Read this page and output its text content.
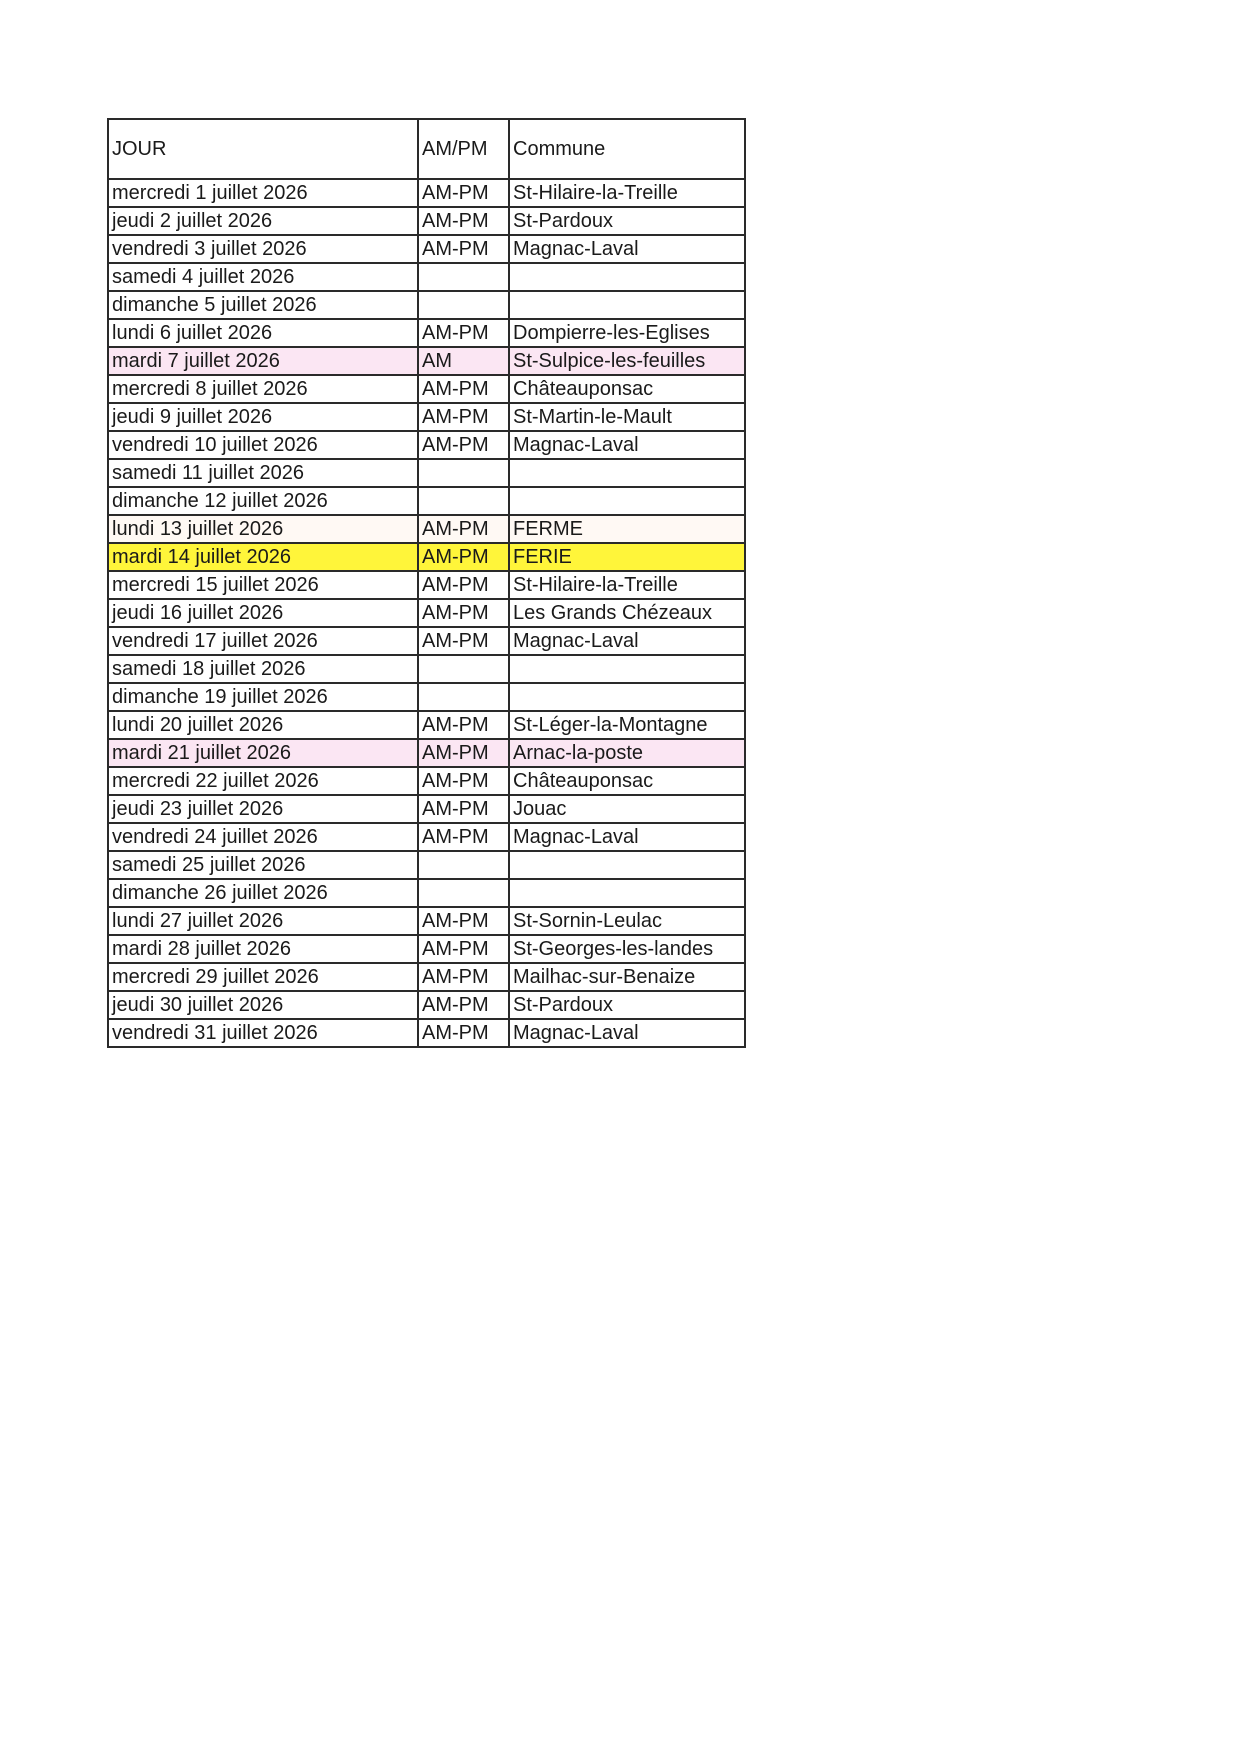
JOUR	AM/PM	Commune
mercredi 1 juillet 2026	AM-PM	St-Hilaire-la-Treille
jeudi 2 juillet 2026	AM-PM	St-Pardoux
vendredi 3 juillet 2026	AM-PM	Magnac-Laval
samedi 4 juillet 2026		
dimanche 5 juillet 2026		
lundi 6 juillet 2026	AM-PM	Dompierre-les-Eglises
mardi 7 juillet 2026	AM	St-Sulpice-les-feuilles
mercredi 8 juillet 2026	AM-PM	Châteauponsac
jeudi 9 juillet 2026	AM-PM	St-Martin-le-Mault
vendredi 10 juillet 2026	AM-PM	Magnac-Laval
samedi 11 juillet 2026		
dimanche 12 juillet 2026		
lundi 13 juillet 2026	AM-PM	FERME
mardi 14 juillet 2026	AM-PM	FERIE
mercredi 15 juillet 2026	AM-PM	St-Hilaire-la-Treille
jeudi 16 juillet 2026	AM-PM	Les Grands Chézeaux
vendredi 17 juillet 2026	AM-PM	Magnac-Laval
samedi 18 juillet 2026		
dimanche 19 juillet 2026		
lundi 20 juillet 2026	AM-PM	St-Léger-la-Montagne
mardi 21 juillet 2026	AM-PM	Arnac-la-poste
mercredi 22 juillet 2026	AM-PM	Châteauponsac
jeudi 23 juillet 2026	AM-PM	Jouac
vendredi 24 juillet 2026	AM-PM	Magnac-Laval
samedi 25 juillet 2026		
dimanche 26 juillet 2026		
lundi 27 juillet 2026	AM-PM	St-Sornin-Leulac
mardi 28 juillet 2026	AM-PM	St-Georges-les-landes
mercredi 29 juillet 2026	AM-PM	Mailhac-sur-Benaize
jeudi 30 juillet 2026	AM-PM	St-Pardoux
vendredi 31 juillet 2026	AM-PM	Magnac-Laval
